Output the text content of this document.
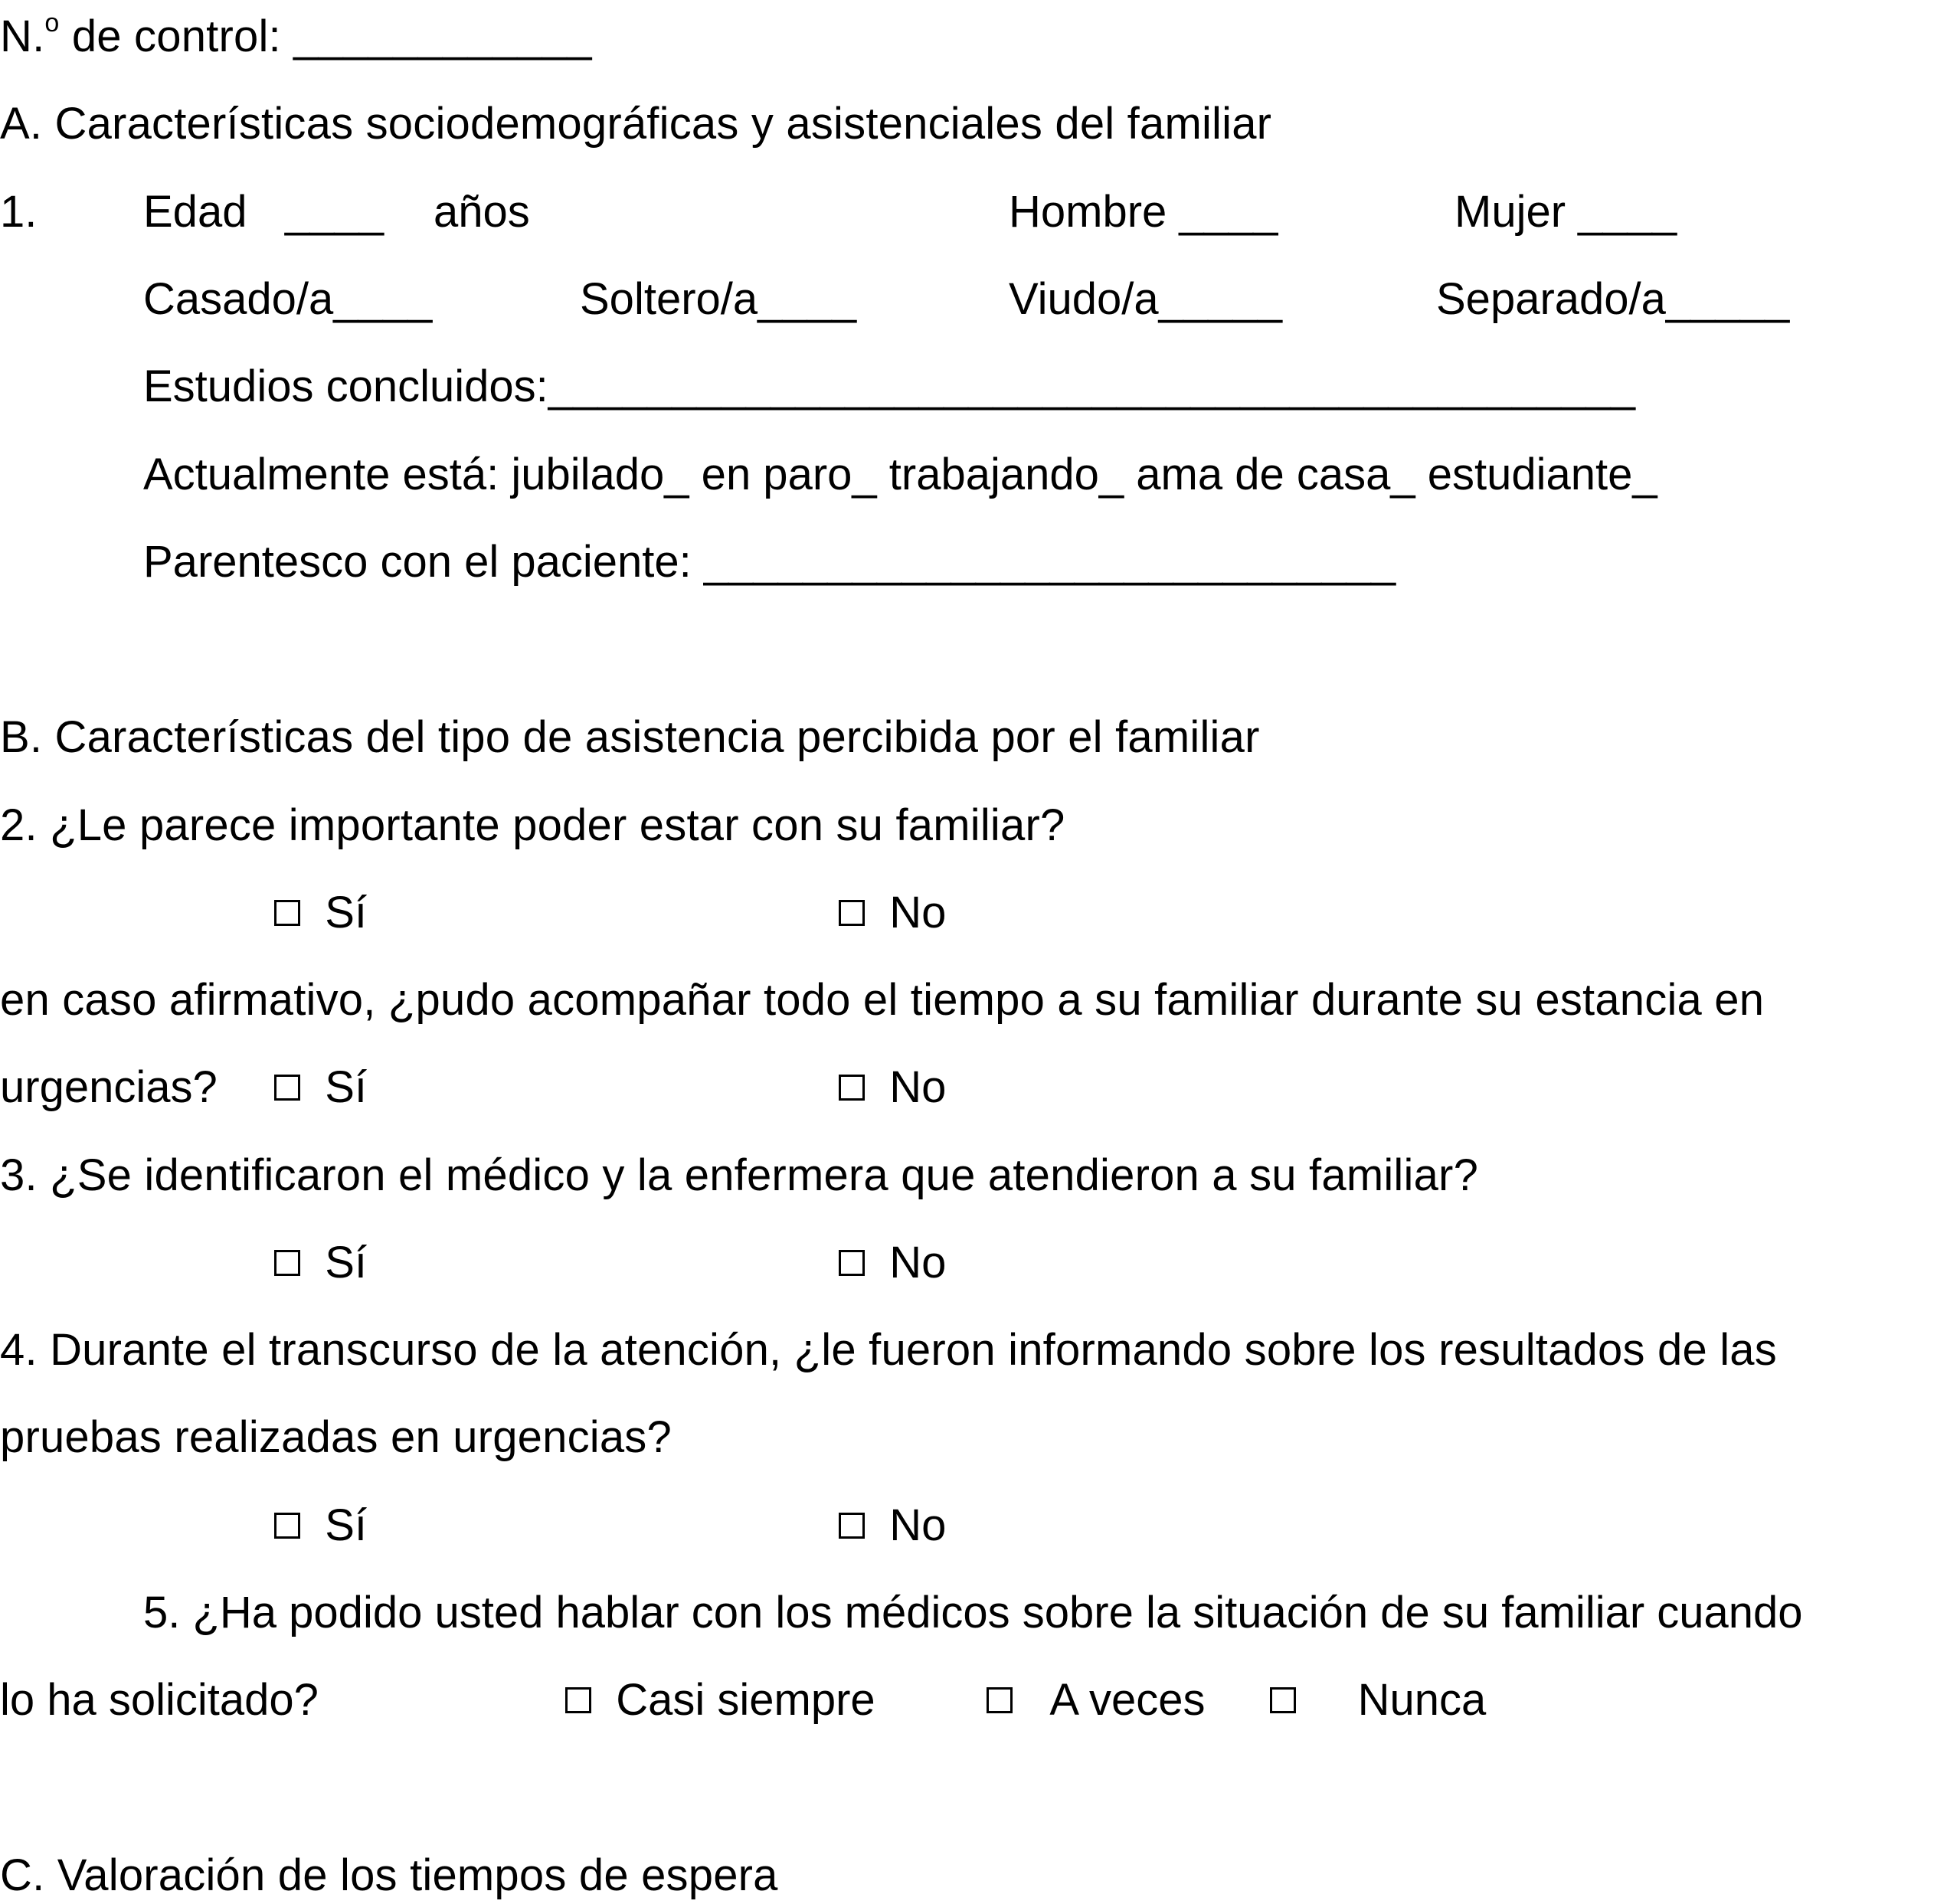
N.$^o$ de control: ____________
A. Características sociodemográficas y asistenciales del familiar
1. Edad ____ años	Hombre ____	Mujer ____
Casado/a____	Soltero/a____	Viudo/a_____	Separado/a_____
Estudios concluidos:____________________________________________
Actualmente está: jubilado_ en paro_ trabajando_ ama de casa_ estudiante_
Parentesco con el paciente: ____________________________
B. Características del tipo de asistencia percibida por el familiar
2. ¿Le parece importante poder estar con su familiar?
Sí	No
en caso afirmativo, ¿pudo acompañar todo el tiempo a su familiar durante su estancia en
urgencias?	Sí	No
3. ¿Se identificaron el médico y la enfermera que atendieron a su familiar?
Sí	No
4. Durante el transcurso de la atención, ¿le fueron informando sobre los resultados de las
pruebas realizadas en urgencias?
Sí	No
5. ¿Ha podido usted hablar con los médicos sobre la situación de su familiar cuando
lo ha solicitado?	Casi siempre	A veces	Nunca
C. Valoración de los tiempos de espera
